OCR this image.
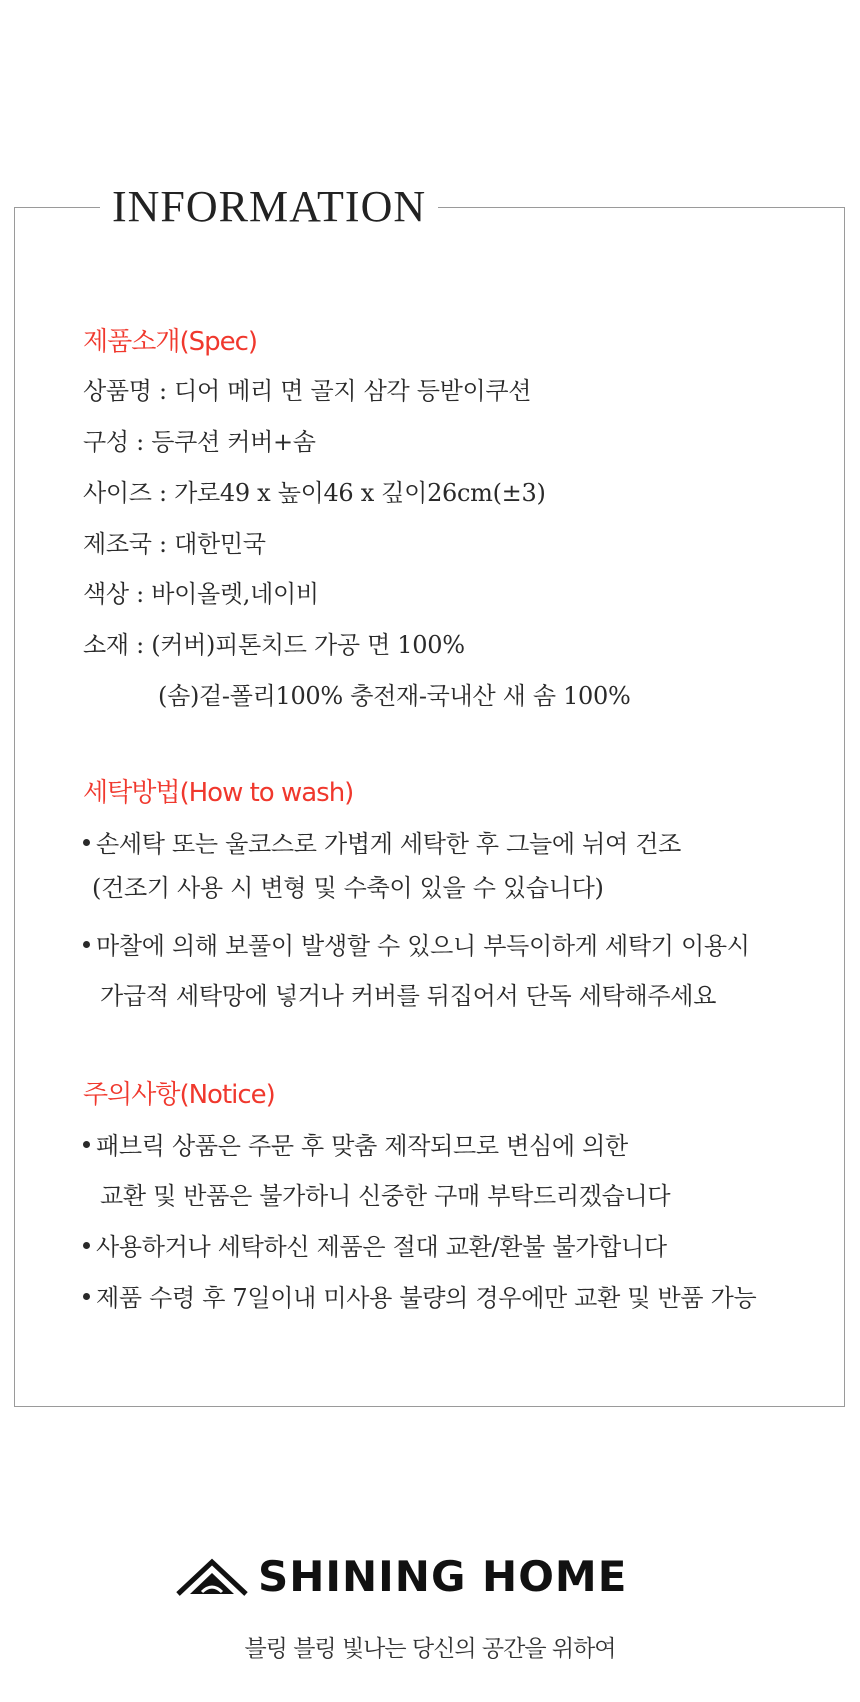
INFORMATION
제품소개(Spec)
상품명 : 디어 메리 면 골지 삼각 등받이쿠션
구성 : 등쿠션 커버+솜
사이즈 : 가로49 x 높이46 x 깊이26cm(±3)
제조국 : 대한민국
색상 : 바이올렛,네이비
소재 : (커버)피톤치드 가공 면 100%
(솜)겉-폴리100% 충전재-국내산 새 솜 100%
세탁방법(How to wash)
손세탁 또는 울코스로 가볍게 세탁한 후 그늘에 뉘여 건조
(건조기 사용 시 변형 및 수축이 있을 수 있습니다)
마찰에 의해 보풀이 발생할 수 있으니 부득이하게 세탁기 이용시
가급적 세탁망에 넣거나 커버를 뒤집어서 단독 세탁해주세요
주의사항(Notice)
패브릭 상품은 주문 후 맞춤 제작되므로 변심에 의한
교환 및 반품은 불가하니 신중한 구매 부탁드리겠습니다
사용하거나 세탁하신 제품은 절대 교환/환불 불가합니다
제품 수령 후 7일이내 미사용 불량의 경우에만 교환 및 반품 가능
SHINING HOME
블링 블링 빛나는 당신의 공간을 위하여
